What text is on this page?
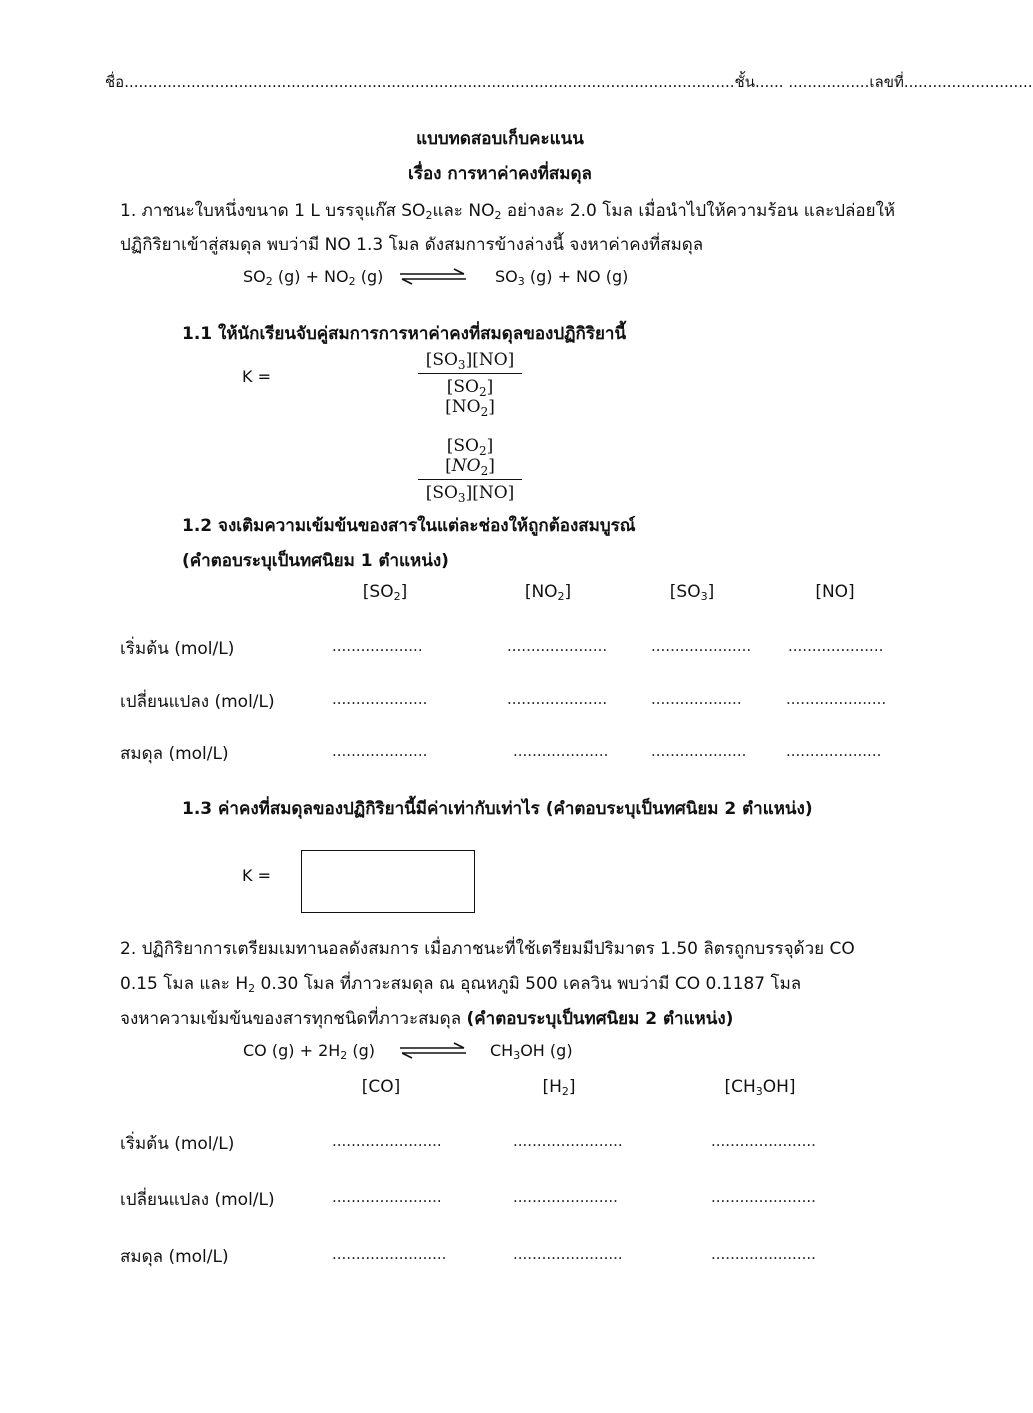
ชื่อ................................................................................................................................ชั้น...... .................เลขที่...........................
แบบทดสอบเก็บคะแนน
เรื่อง การหาค่าคงที่สมดุล
1. ภาชนะใบหนึ่งขนาด 1 L บรรจุแก๊ส $SO_2$และ $NO_2$ อย่างละ 2.0 โมล เมื่อนำไปให้ความร้อน และปล่อยให้
ปฏิกิริยาเข้าสู่สมดุล พบว่ามี NO 1.3 โมล ดังสมการข้างล่างนี้ จงหาค่าคงที่สมดุล
$SO_2$ $(g) + NO_2$ (g)	$SO_3$ (g) + NO (g)
1.1 ให้นักเรียนจับคู่สมการการหาค่าคงที่สมดุลของปฏิกิริยานี้
K =	$\frac{[SO_3][NO]}{[SO_2][NO_2]}$
$\frac{[SO_2][NO_2]}{[SO_3][NO]}$
1.2 จงเติมความเข้มข้นของสารในแต่ละช่องให้ถูกต้องสมบูรณ์
(คำตอบระบุเป็นทศนิยม 1 ตำแหน่ง)
$[SO_2]$	$[NO_2]$	$[SO_3]$	[NO]
เริ่มต้น (mol/L)	...................	.....................	..................... ....................
เปลี่ยนแปลง (mol/L)	....................	.....................	...................	.....................
สมดุล (mol/L)	....................	....................	....................	....................
1.3 ค่าคงที่สมดุลของปฏิกิริยานี้มีค่าเท่ากับเท่าไร (คำตอบระบุเป็นทศนิยม 2 ตำแหน่ง)
K =
2. ปฏิกิริยาการเตรียมเมทานอลดังสมการ เมื่อภาชนะที่ใช้เตรียมมีปริมาตร 1.50 ลิตรถูกบรรจุด้วย CO
0.15 โมล และ $H_2$ 0.30 โมล ที่ภาวะสมดุล ณ อุณหภูมิ 500 เคลวิน พบว่ามี CO 0.1187 โมล
จงหาความเข้มข้นของสารทุกชนิดที่ภาวะสมดุล (คำตอบระบุเป็นทศนิยม 2 ตำแหน่ง)
CO $(g) + 2H_2$ (g)	$CH_3OH$ (g)
[CO]	$[H_2]$	$[CH_3OH]$
เริ่มต้น (mol/L)	.......................	.......................	......................
เปลี่ยนแปลง (mol/L)	.......................	......................	......................
สมดุล (mol/L)	........................	.......................	......................
